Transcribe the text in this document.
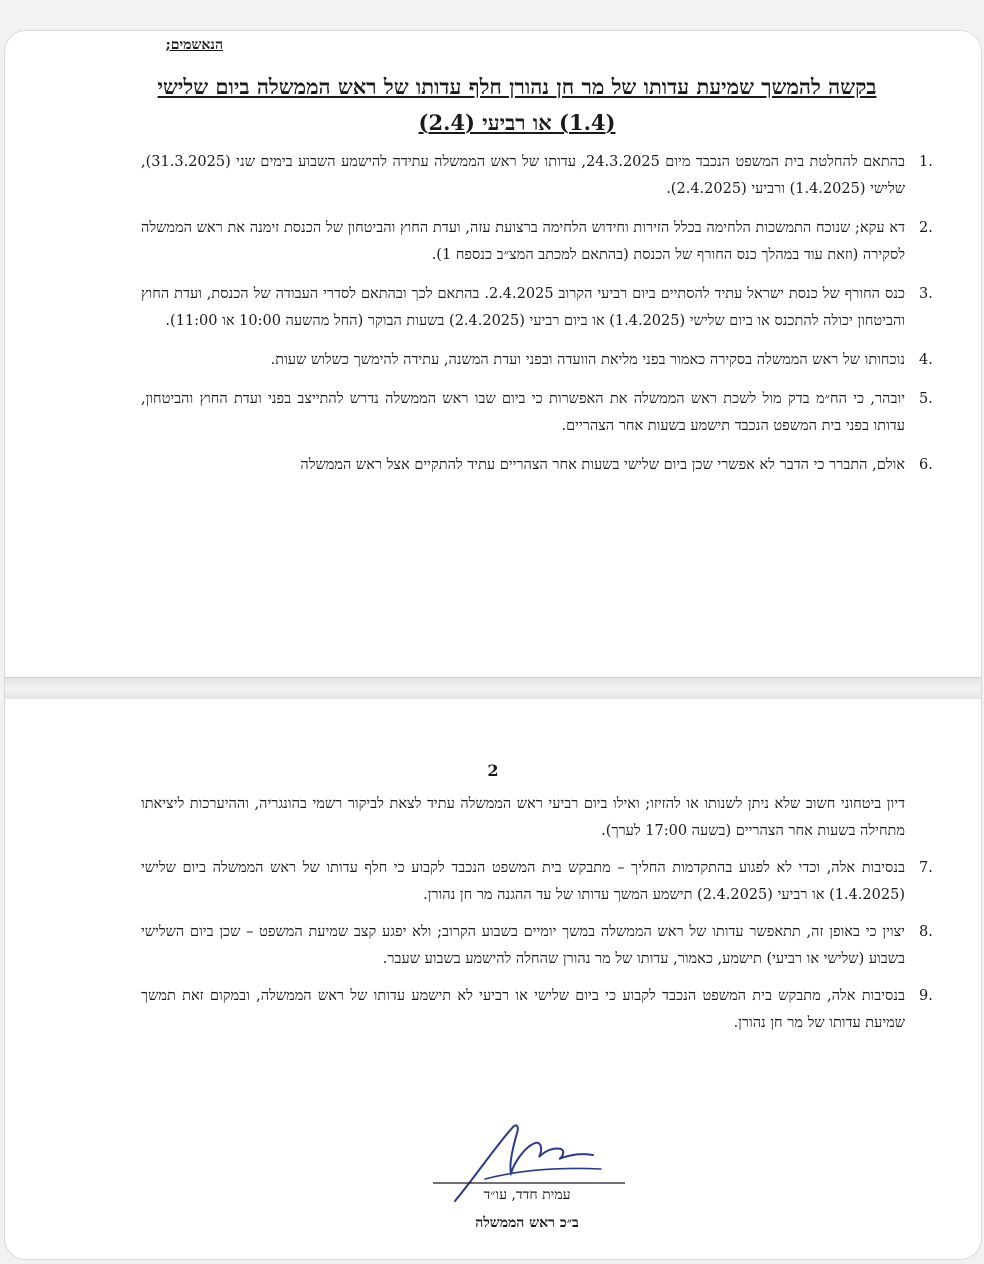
הנאשמים;

בקשה להמשך שמיעת עדותו של מר חן נהורן חלף עדותו של ראש הממשלה ביום שלישי (1.4) או רביעי (2.4)
.1
בהתאם להחלטת בית המשפט הנכבד מיום 24.3.2025, עדותו של ראש הממשלה עתידה להישמע השבוע בימים שני (31.3.2025), שלישי (1.4.2025) ורביעי (2.4.2025).
.2
דא עקא; שנוכח התמשכות הלחימה בכלל הזירות וחידוש הלחימה ברצועת עזה, ועדת החוץ והביטחון של הכנסת זימנה את ראש הממשלה לסקירה (וזאת עוד במהלך כנס החורף של הכנסת (בהתאם למכתב המצ״ב כנספח 1).
.3
כנס החורף של כנסת ישראל עתיד להסתיים ביום רביעי הקרוב 2.4.2025. בהתאם לכך ובהתאם לסדרי העבודה של הכנסת, ועדת החוץ והביטחון יכולה להתכנס או ביום שלישי (1.4.2025) או ביום רביעי (2.4.2025) בשעות הבוקר (החל מהשעה 10:00 או 11:00).
.4
נוכחותו של ראש הממשלה בסקירה כאמור בפני מליאת הוועדה ובפני ועדת המשנה, עתידה להימשך כשלוש שעות.
.5
יובהר, כי הח״מ בדק מול לשכת ראש הממשלה את האפשרות כי ביום שבו ראש הממשלה נדרש להתייצב בפני ועדת החוץ והביטחון, עדותו בפני בית המשפט הנכבד תישמע בשעות אחר הצהריים.
.6
אולם, התברר כי הדבר לא אפשרי שכן ביום שלישי בשעות אחר הצהריים עתיד להתקיים אצל ראש הממשלה

2

דיון ביטחוני חשוב שלא ניתן לשנותו או להזיזו; ואילו ביום רביעי ראש הממשלה עתיד לצאת לביקור רשמי בהונגריה, וההיערכות ליציאתו מתחילה בשעות אחר הצהריים (בשעה 17:00 לערך).
.7
בנסיבות אלה, וכדי לא לפגוע בהתקדמות החליך – מתבקש בית המשפט הנכבד לקבוע כי חלף עדותו של ראש הממשלה ביום שלישי (1.4.2025) או רביעי (2.4.2025) תישמע המשך עדותו של עד ההגנה מר חן נהורן.
.8
יצוין כי באופן זה, תתאפשר עדותו של ראש הממשלה במשך יומיים בשבוע הקרוב; ולא יפגע קצב שמיעת המשפט – שכן ביום השלישי בשבוע (שלישי או רביעי) תישמע, כאמור, עדותו של מר נהורן שהחלה להישמע בשבוע שעבר.
.9
בנסיבות אלה, מתבקש בית המשפט הנכבד לקבוע כי ביום שלישי או רביעי לא תישמע עדותו של ראש הממשלה, ובמקום זאת תמשך שמיעת עדותו של מר חן נהורן.

עמית חדד, עו״ד

ב״כ ראש הממשלה
